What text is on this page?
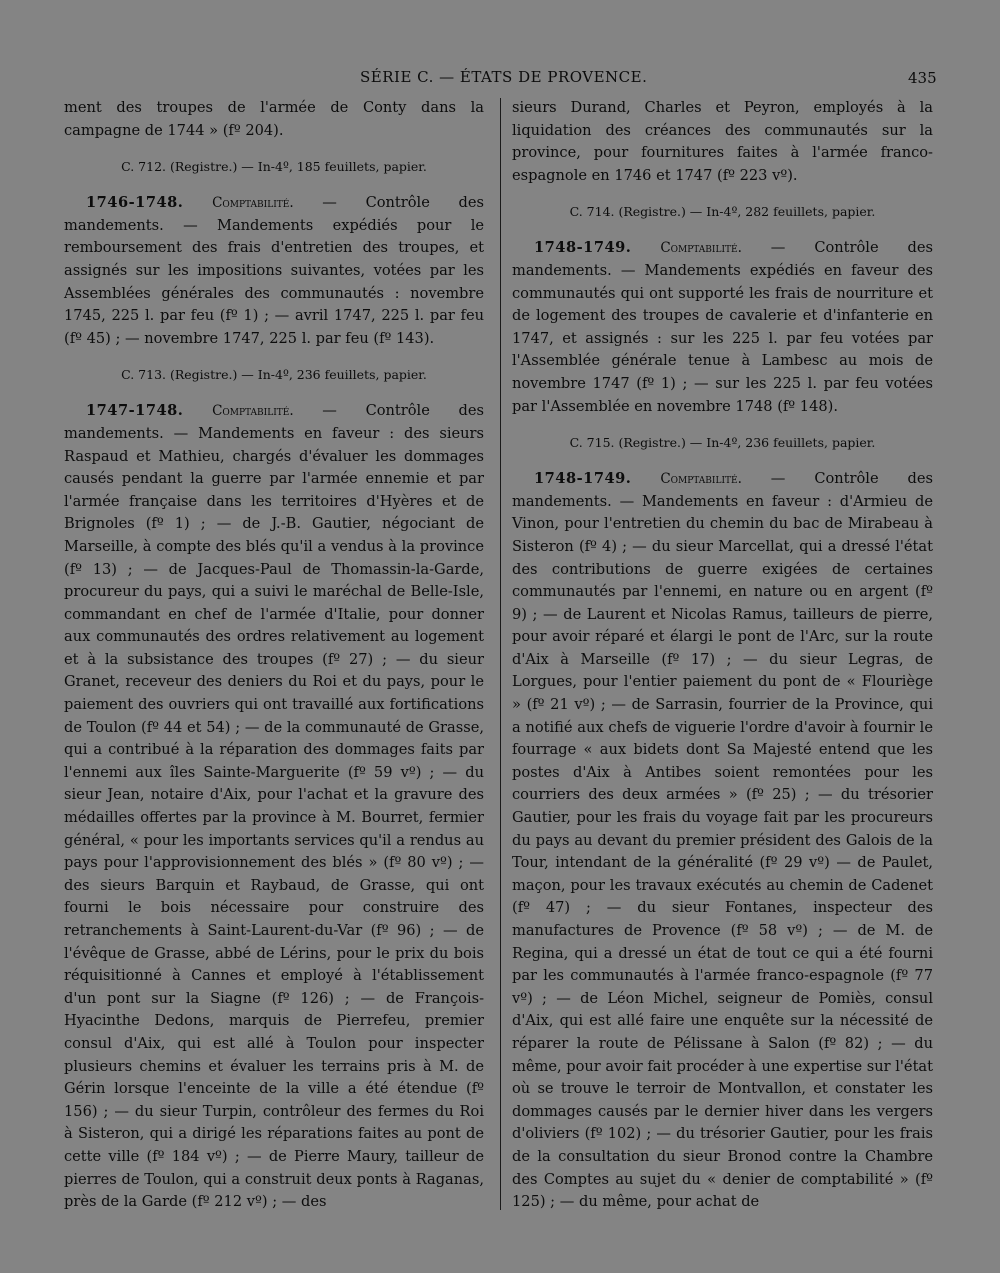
SÉRIE C. — ÉTATS DE PROVENCE.	435

ment des troupes de l'armée de Conty dans la campagne de 1744 » (fº 204).

C. 712. (Registre.) — In-4º, 185 feuillets, papier.

1746-1748. Comptabilité. — Contrôle des mandements. — Mandements expédiés pour le remboursement des frais d'entretien des troupes, et assignés sur les impositions suivantes, votées par les Assemblées générales des communautés : novembre 1745, 225 l. par feu (fº 1) ; — avril 1747, 225 l. par feu (fº 45) ; — novembre 1747, 225 l. par feu (fº 143).

C. 713. (Registre.) — In-4º, 236 feuillets, papier.

1747-1748. Comptabilité. — Contrôle des mandements. — Mandements en faveur : des sieurs Raspaud et Mathieu, chargés d'évaluer les dommages causés pendant la guerre par l'armée ennemie et par l'armée française dans les territoires d'Hyères et de Brignoles (fº 1) ; — de J.-B. Gautier, négociant de Marseille, à compte des blés qu'il a vendus à la province (fº 13) ; — de Jacques-Paul de Thomassin-la-Garde, procureur du pays, qui a suivi le maréchal de Belle-Isle, commandant en chef de l'armée d'Italie, pour donner aux communautés des ordres relativement au logement et à la subsistance des troupes (fº 27) ; — du sieur Granet, receveur des deniers du Roi et du pays, pour le paiement des ouvriers qui ont travaillé aux fortifications de Toulon (fº 44 et 54) ; — de la communauté de Grasse, qui a contribué à la réparation des dommages faits par l'ennemi aux îles Sainte-Marguerite (fº 59 vº) ; — du sieur Jean, notaire d'Aix, pour l'achat et la gravure des médailles offertes par la province à M. Bourret, fermier général, « pour les importants services qu'il a rendus au pays pour l'approvisionnement des blés » (fº 80 vº) ; — des sieurs Barquin et Raybaud, de Grasse, qui ont fourni le bois nécessaire pour construire des retranchements à Saint-Laurent-du-Var (fº 96) ; — de l'évêque de Grasse, abbé de Lérins, pour le prix du bois réquisitionné à Cannes et employé à l'établissement d'un pont sur la Siagne (fº 126) ; — de François-Hyacinthe Dedons, marquis de Pierrefeu, premier consul d'Aix, qui est allé à Toulon pour inspecter plusieurs chemins et évaluer les terrains pris à M. de Gérin lorsque l'enceinte de la ville a été étendue (fº 156) ; — du sieur Turpin, contrôleur des fermes du Roi à Sisteron, qui a dirigé les réparations faites au pont de cette ville (fº 184 vº) ; — de Pierre Maury, tailleur de pierres de Toulon, qui a construit deux ponts à Raganas, près de la Garde (fº 212 vº) ; — des

sieurs Durand, Charles et Peyron, employés à la liquidation des créances des communautés sur la province, pour fournitures faites à l'armée franco-espagnole en 1746 et 1747 (fº 223 vº).

C. 714. (Registre.) — In-4º, 282 feuillets, papier.

1748-1749. Comptabilité. — Contrôle des mandements. — Mandements expédiés en faveur des communautés qui ont supporté les frais de nourriture et de logement des troupes de cavalerie et d'infanterie en 1747, et assignés : sur les 225 l. par feu votées par l'Assemblée générale tenue à Lambesc au mois de novembre 1747 (fº 1) ; — sur les 225 l. par feu votées par l'Assemblée en novembre 1748 (fº 148).

C. 715. (Registre.) — In-4º, 236 feuillets, papier.

1748-1749. Comptabilité. — Contrôle des mandements. — Mandements en faveur : d'Armieu de Vinon, pour l'entretien du chemin du bac de Mirabeau à Sisteron (fº 4) ; — du sieur Marcellat, qui a dressé l'état des contributions de guerre exigées de certaines communautés par l'ennemi, en nature ou en argent (fº 9) ; — de Laurent et Nicolas Ramus, tailleurs de pierre, pour avoir réparé et élargi le pont de l'Arc, sur la route d'Aix à Marseille (fº 17) ; — du sieur Legras, de Lorgues, pour l'entier paiement du pont de « Flouriège » (fº 21 vº) ; — de Sarrasin, fourrier de la Province, qui a notifié aux chefs de viguerie l'ordre d'avoir à fournir le fourrage « aux bidets dont Sa Majesté entend que les postes d'Aix à Antibes soient remontées pour les courriers des deux armées » (fº 25) ; — du trésorier Gautier, pour les frais du voyage fait par les procureurs du pays au devant du premier président des Galois de la Tour, intendant de la généralité (fº 29 vº) — de Paulet, maçon, pour les travaux exécutés au chemin de Cadenet (fº 47) ; — du sieur Fontanes, inspecteur des manufactures de Provence (fº 58 vº) ; — de M. de Regina, qui a dressé un état de tout ce qui a été fourni par les communautés à l'armée franco-espagnole (fº 77 vº) ; — de Léon Michel, seigneur de Pomiès, consul d'Aix, qui est allé faire une enquête sur la nécessité de réparer la route de Pélissane à Salon (fº 82) ; — du même, pour avoir fait procéder à une expertise sur l'état où se trouve le terroir de Montvallon, et constater les dommages causés par le dernier hiver dans les vergers d'oliviers (fº 102) ; — du trésorier Gautier, pour les frais de la consultation du sieur Bronod contre la Chambre des Comptes au sujet du « denier de comptabilité » (fº 125) ; — du même, pour achat de
